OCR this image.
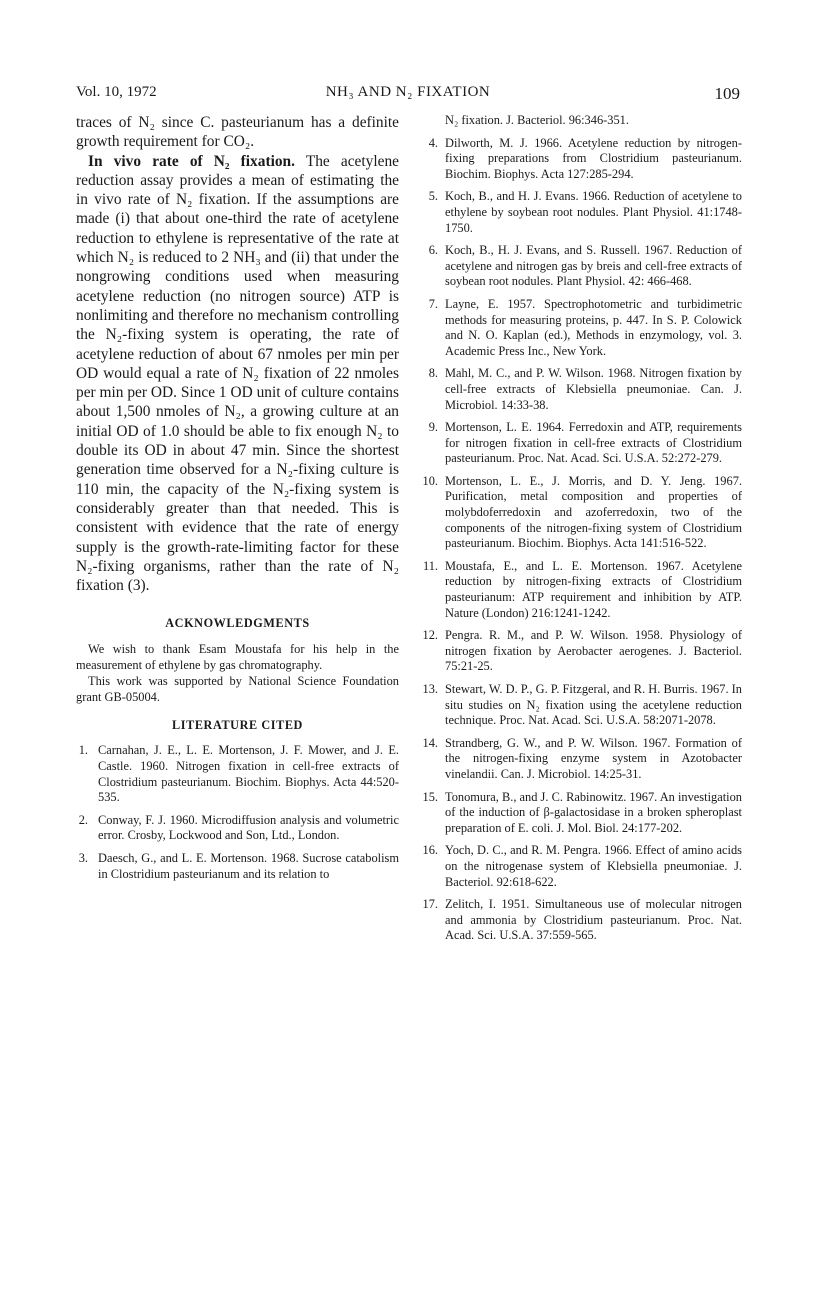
NH₃ AND N₂ FIXATION
Vol. 10, 1972	109

traces of N₂ since C. pasteurianum has a definite growth requirement for CO₂.

In vivo rate of N₂ fixation. The acetylene reduction assay provides a mean of estimating the in vivo rate of N₂ fixation. If the assumptions are made (i) that about one-third the rate of acetylene reduction to ethylene is representative of the rate at which N₂ is reduced to 2 NH₃ and (ii) that under the nongrowing conditions used when measuring acetylene reduction (no nitrogen source) ATP is nonlimiting and therefore no mechanism controlling the N₂-fixing system is operating, the rate of acetylene reduction of about 67 nmoles per min per OD would equal a rate of N₂ fixation of 22 nmoles per min per OD. Since 1 OD unit of culture contains about 1,500 nmoles of N₂, a growing culture at an initial OD of 1.0 should be able to fix enough N₂ to double its OD in about 47 min. Since the shortest generation time observed for a N₂-fixing culture is 110 min, the capacity of the N₂-fixing system is considerably greater than that needed. This is consistent with evidence that the rate of energy supply is the growth-rate-limiting factor for these N₂-fixing organisms, rather than the rate of N₂ fixation (3).

ACKNOWLEDGMENTS

We wish to thank Esam Moustafa for his help in the measurement of ethylene by gas chromatography.

This work was supported by National Science Foundation grant GB-05004.

LITERATURE CITED
1. Carnahan, J. E., L. E. Mortenson, J. F. Mower, and J. E. Castle. 1960. Nitrogen fixation in cell-free extracts of Clostridium pasteurianum. Biochim. Biophys. Acta 44:520-535.
2. Conway, F. J. 1960. Microdiffusion analysis and volumetric error. Crosby, Lockwood and Son, Ltd., London.
3. Daesch, G., and L. E. Mortenson. 1968. Sucrose catabolism in Clostridium pasteurianum and its relation to

N₂ fixation. J. Bacteriol. 96:346-351.

4. Dilworth, M. J. 1966. Acetylene reduction by nitrogen-fixing preparations from Clostridium pasteurianum. Biochim. Biophys. Acta 127:285-294.
5. Koch, B., and H. J. Evans. 1966. Reduction of acetylene to ethylene by soybean root nodules. Plant Physiol. 41:1748-1750.
6. Koch, B., H. J. Evans, and S. Russell. 1967. Reduction of acetylene and nitrogen gas by breis and cell-free extracts of soybean root nodules. Plant Physiol. 42: 466-468.
7. Layne, E. 1957. Spectrophotometric and turbidimetric methods for measuring proteins, p. 447. In S. P. Colowick and N. O. Kaplan (ed.), Methods in enzymology, vol. 3. Academic Press Inc., New York.
8. Mahl, M. C., and P. W. Wilson. 1968. Nitrogen fixation by cell-free extracts of Klebsiella pneumoniae. Can. J. Microbiol. 14:33-38.
9. Mortenson, L. E. 1964. Ferredoxin and ATP, requirements for nitrogen fixation in cell-free extracts of Clostridium pasteurianum. Proc. Nat. Acad. Sci. U.S.A. 52:272-279.
10. Mortenson, L. E., J. Morris, and D. Y. Jeng. 1967. Purification, metal composition and properties of molybdoferredoxin and azoferredoxin, two of the components of the nitrogen-fixing system of Clostridium pasteurianum. Biochim. Biophys. Acta 141:516-522.
11. Moustafa, E., and L. E. Mortenson. 1967. Acetylene reduction by nitrogen-fixing extracts of Clostridium pasteurianum: ATP requirement and inhibition by ATP. Nature (London) 216:1241-1242.
12. Pengra. R. M., and P. W. Wilson. 1958. Physiology of nitrogen fixation by Aerobacter aerogenes. J. Bacteriol. 75:21-25.
13. Stewart, W. D. P., G. P. Fitzgeral, and R. H. Burris. 1967. In situ studies on N₂ fixation using the acetylene reduction technique. Proc. Nat. Acad. Sci. U.S.A. 58:2071-2078.
14. Strandberg, G. W., and P. W. Wilson. 1967. Formation of the nitrogen-fixing enzyme system in Azotobacter vinelandii. Can. J. Microbiol. 14:25-31.
15. Tonomura, B., and J. C. Rabinowitz. 1967. An investigation of the induction of β-galactosidase in a broken spheroplast preparation of E. coli. J. Mol. Biol. 24:177-202.
16. Yoch, D. C., and R. M. Pengra. 1966. Effect of amino acids on the nitrogenase system of Klebsiella pneumoniae. J. Bacteriol. 92:618-622.
17. Zelitch, I. 1951. Simultaneous use of molecular nitrogen and ammonia by Clostridium pasteurianum. Proc. Nat. Acad. Sci. U.S.A. 37:559-565.
